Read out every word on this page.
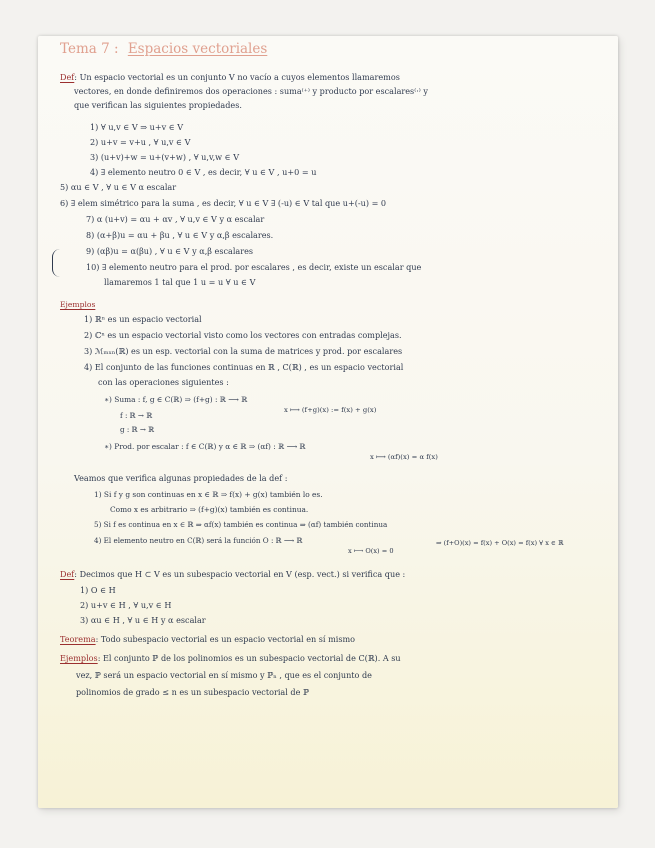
Tema 7 : Espacios vectoriales
Def: Un espacio vectorial es un conjunto V no vacío a cuyos elementos llamaremos
vectores, en donde definiremos dos operaciones : suma⁽⁺⁾ y producto por escalares⁽·⁾ y
que verifican las siguientes propiedades.
1) ∀ u,v ∈ V ⇒ u+v ∈ V
2) u+v = v+u , ∀ u,v ∈ V
3) (u+v)+w = u+(v+w) , ∀ u,v,w ∈ V
4) ∃ elemento neutro 0 ∈ V , es decir, ∀ u ∈ V , u+0 = u
5) αu ∈ V , ∀ u ∈ V α escalar
6) ∃ elem simétrico para la suma , es decir, ∀ u ∈ V ∃ (-u) ∈ V tal que u+(-u) = 0
7) α (u+v) = αu + αv , ∀ u,v ∈ V y α escalar
8) (α+β)u = αu + βu , ∀ u ∈ V y α,β escalares.
9) (αβ)u = α(βu) , ∀ u ∈ V y α,β escalares
10) ∃ elemento neutro para el prod. por escalares , es decir, existe un escalar que
llamaremos 1 tal que 1 u = u ∀ u ∈ V
Ejemplos
1) ℝⁿ es un espacio vectorial
2) ℂⁿ es un espacio vectorial visto como los vectores con entradas complejas.
3) ℳₘₓₙ(ℝ) es un esp. vectorial con la suma de matrices y prod. por escalares
4) El conjunto de las funciones continuas en ℝ , C(ℝ) , es un espacio vectorial
con las operaciones siguientes :
∗) Suma : f, g ∈ C(ℝ) ⇒ (f+g) : ℝ ⟶ ℝ
x ⟼ (f+g)(x) := f(x) + g(x)
f : ℝ → ℝ
g : ℝ → ℝ
∗) Prod. por escalar : f ∈ C(ℝ) y α ∈ ℝ ⇒ (αf) : ℝ ⟶ ℝ
x ⟼ (αf)(x) = α f(x)
Veamos que verifica algunas propiedades de la def :
1) Si f y g son continuas en x ∈ ℝ ⇒ f(x) + g(x) también lo es.
Como x es arbitrario ⇒ (f+g)(x) también es continua.
5) Si f es continua en x ∈ ℝ ⇒ αf(x) también es continua ⇒ (αf) también continua
4) El elemento neutro en C(ℝ) será la función O : ℝ ⟶ ℝ
x ⟼ O(x) = 0
⇒ (f+O)(x) = f(x) + O(x) = f(x) ∀ x ∈ ℝ
Def: Decimos que H ⊂ V es un subespacio vectorial en V (esp. vect.) si verifica que :
1) O ∈ H
2) u+v ∈ H , ∀ u,v ∈ H
3) αu ∈ H , ∀ u ∈ H y α escalar
Teorema: Todo subespacio vectorial es un espacio vectorial en sí mismo
Ejemplos: El conjunto ℙ de los polinomios es un subespacio vectorial de C(ℝ). A su
vez, ℙ será un espacio vectorial en sí mismo y ℙₙ , que es el conjunto de
polinomios de grado ≤ n es un subespacio vectorial de ℙ
